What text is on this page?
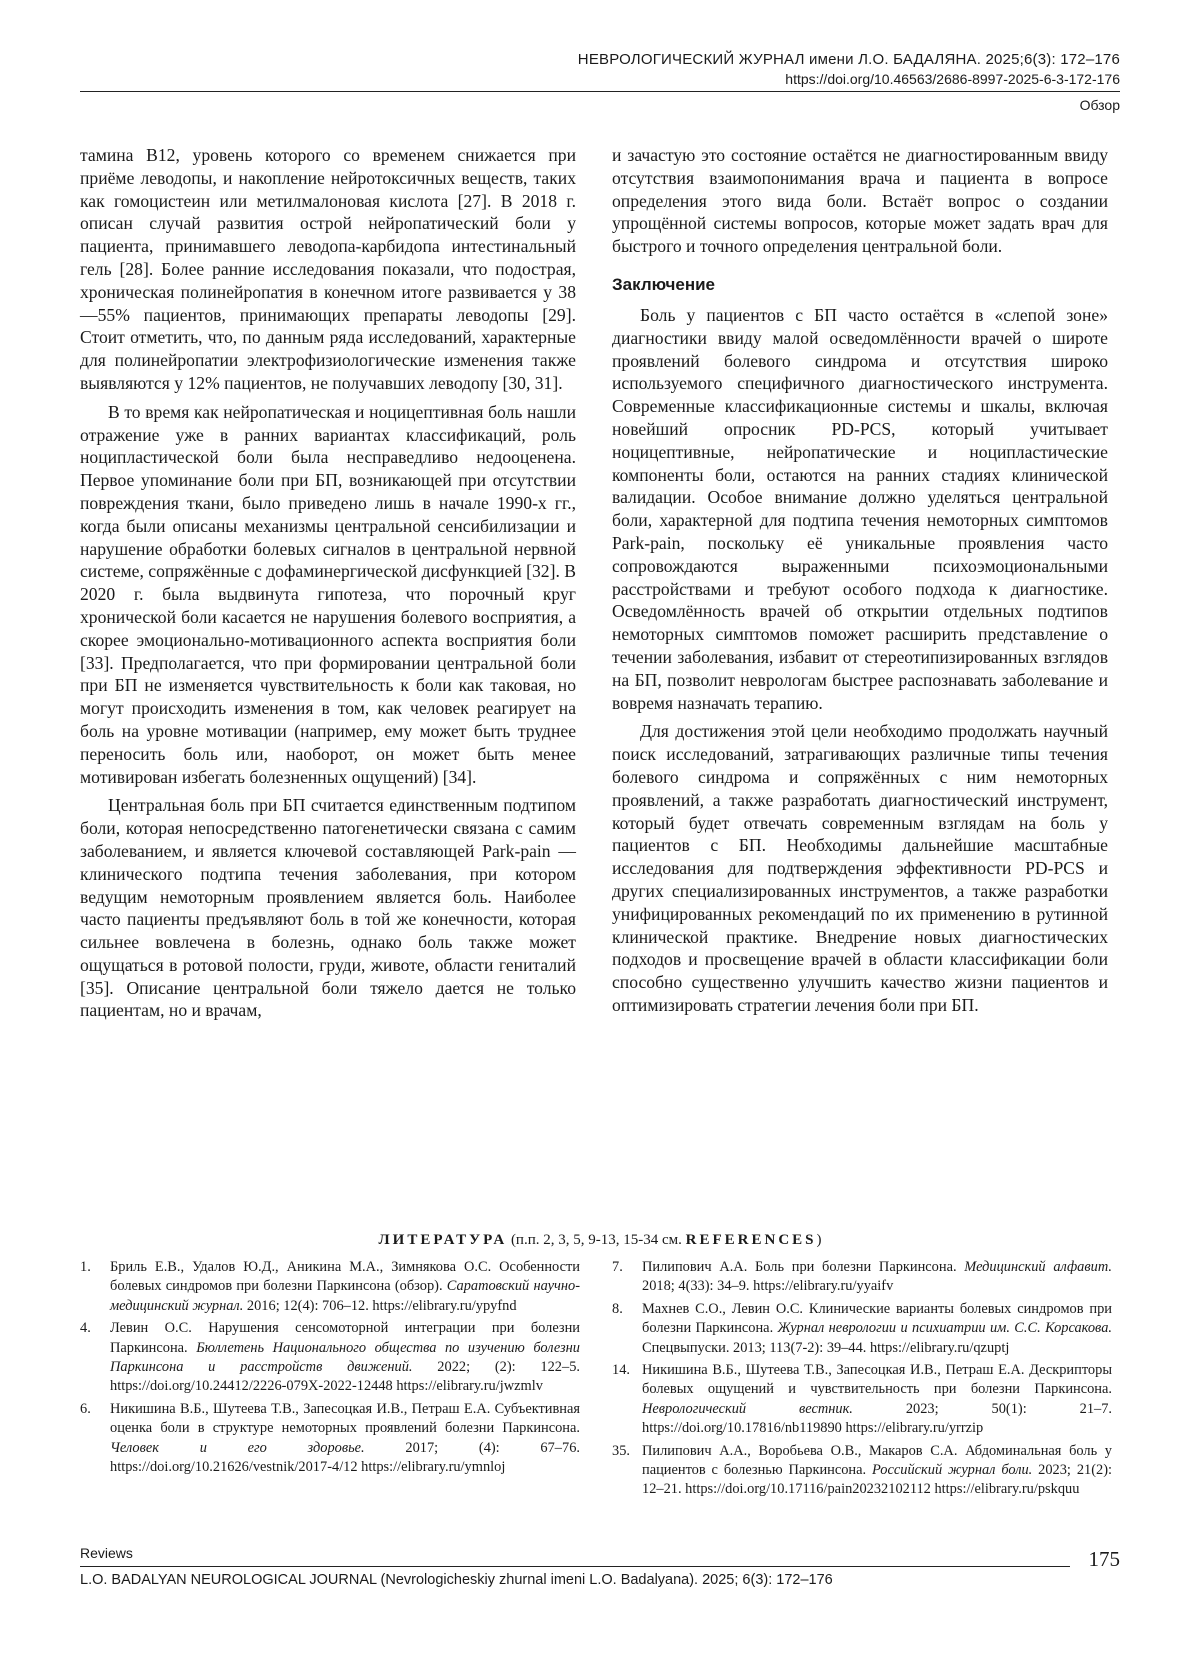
НЕВРОЛОГИЧЕСКИЙ ЖУРНАЛ имени Л.О. БАДАЛЯНА. 2025;6(3): 172–176
https://doi.org/10.46563/2686-8997-2025-6-3-172-176
Обзор

тамина B12, уровень которого со временем снижается при приёме леводопы, и накопление нейротоксичных веществ, таких как гомоцистеин или метилмалоновая кислота [27]. В 2018 г. описан случай развития острой нейропатический боли у пациента, принимавшего леводопа-карбидопа интестинальный гель [28]. Более ранние исследования показали, что подострая, хроническая полинейропатия в конечном итоге развивается у 38—55% пациентов, принимающих препараты леводопы [29]. Стоит отметить, что, по данным ряда исследований, характерные для полинейропатии электрофизиологические изменения также выявляются у 12% пациентов, не получавших леводопу [30, 31].

В то время как нейропатическая и ноцицептивная боль нашли отражение уже в ранних вариантах классификаций, роль ноципластической боли была несправедливо недооценена. Первое упоминание боли при БП, возникающей при отсутствии повреждения ткани, было приведено лишь в начале 1990-х гг., когда были описаны механизмы центральной сенсибилизации и нарушение обработки болевых сигналов в центральной нервной системе, сопряжённые с дофаминергической дисфункцией [32]. В 2020 г. была выдвинута гипотеза, что порочный круг хронической боли касается не нарушения болевого восприятия, а скорее эмоционально-мотивационного аспекта восприятия боли [33]. Предполагается, что при формировании центральной боли при БП не изменяется чувствительность к боли как таковая, но могут происходить изменения в том, как человек реагирует на боль на уровне мотивации (например, ему может быть труднее переносить боль или, наоборот, он может быть менее мотивирован избегать болезненных ощущений) [34].

Центральная боль при БП считается единственным подтипом боли, которая непосредственно патогенетически связана с самим заболеванием, и является ключевой составляющей Park-pain — клинического подтипа течения заболевания, при котором ведущим немоторным проявлением является боль. Наиболее часто пациенты предъявляют боль в той же конечности, которая сильнее вовлечена в болезнь, однако боль также может ощущаться в ротовой полости, груди, животе, области гениталий [35]. Описание центральной боли тяжело дается не только пациентам, но и врачам,

и зачастую это состояние остаётся не диагностированным ввиду отсутствия взаимопонимания врача и пациента в вопросе определения этого вида боли. Встаёт вопрос о создании упрощённой системы вопросов, которые может задать врач для быстрого и точного определения центральной боли.

Заключение

Боль у пациентов с БП часто остаётся в «слепой зоне» диагностики ввиду малой осведомлённости врачей о широте проявлений болевого синдрома и отсутствия широко используемого специфичного диагностического инструмента. Современные классификационные системы и шкалы, включая новейший опросник PD-PCS, который учитывает ноцицептивные, нейропатические и ноципластические компоненты боли, остаются на ранних стадиях клинической валидации. Особое внимание должно уделяться центральной боли, характерной для подтипа течения немоторных симптомов Park-pain, поскольку её уникальные проявления часто сопровождаются выраженными психоэмоциональными расстройствами и требуют особого подхода к диагностике. Осведомлённость врачей об открытии отдельных подтипов немоторных симптомов поможет расширить представление о течении заболевания, избавит от стереотипизированных взглядов на БП, позволит неврологам быстрее распознавать заболевание и вовремя назначать терапию.

Для достижения этой цели необходимо продолжать научный поиск исследований, затрагивающих различные типы течения болевого синдрома и сопряжённых с ним немоторных проявлений, а также разработать диагностический инструмент, который будет отвечать современным взглядам на боль у пациентов с БП. Необходимы дальнейшие масштабные исследования для подтверждения эффективности PD-PCS и других специализированных инструментов, а также разработки унифицированных рекомендаций по их применению в рутинной клинической практике. Внедрение новых диагностических подходов и просвещение врачей в области классификации боли способно существенно улучшить качество жизни пациентов и оптимизировать стратегии лечения боли при БП.

ЛИТЕРАТУРА (п.п. 2, 3, 5, 9-13, 15-34 см. REFERENCES)
1.	Бриль Е.В., Удалов Ю.Д., Аникина М.А., Зимнякова О.С. Особенности болевых синдромов при болезни Паркинсона (обзор). Саратовский научно-медицинский журнал. 2016; 12(4): 706–12. https://elibrary.ru/ypyfnd
4.	Левин О.С. Нарушения сенсомоторной интеграции при болезни Паркинсона. Бюллетень Национального общества по изучению болезни Паркинсона и расстройств движений. 2022; (2): 122–5. https://doi.org/10.24412/2226-079X-2022-12448 https://elibrary.ru/jwzmlv
6.	Никишина В.Б., Шутеева Т.В., Запесоцкая И.В., Петраш Е.А. Субъективная оценка боли в структуре немоторных проявлений болезни Паркинсона. Человек и его здоровье. 2017; (4): 67–76. https://doi.org/10.21626/vestnik/2017-4/12 https://elibrary.ru/ymnloj
7.	Пилипович А.А. Боль при болезни Паркинсона. Медицинский алфавит. 2018; 4(33): 34–9. https://elibrary.ru/yyaifv
8.	Махнев С.О., Левин О.С. Клинические варианты болевых синдромов при болезни Паркинсона. Журнал неврологии и психиатрии им. С.С. Корсакова. Спецвыпуски. 2013; 113(7-2): 39–44. https://elibrary.ru/qzuptj
14. Никишина В.Б., Шутеева Т.В., Запесоцкая И.В., Петраш Е.А. Дескрипторы болевых ощущений и чувствительность при болезни Паркинсона. Неврологический вестник. 2023; 50(1): 21–7. https://doi.org/10.17816/nb119890 https://elibrary.ru/yrrzip
35. Пилипович А.А., Воробьева О.В., Макаров С.А. Абдоминальная боль у пациентов с болезнью Паркинсона. Российский журнал боли. 2023; 21(2): 12–21. https://doi.org/10.17116/pain20232102112 https://elibrary.ru/pskquu
Reviews	175
L.O. BADALYAN NEUROLOGICAL JOURNAL (Nevrologicheskiy zhurnal imeni L.O. Badalyana). 2025; 6(3): 172–176
